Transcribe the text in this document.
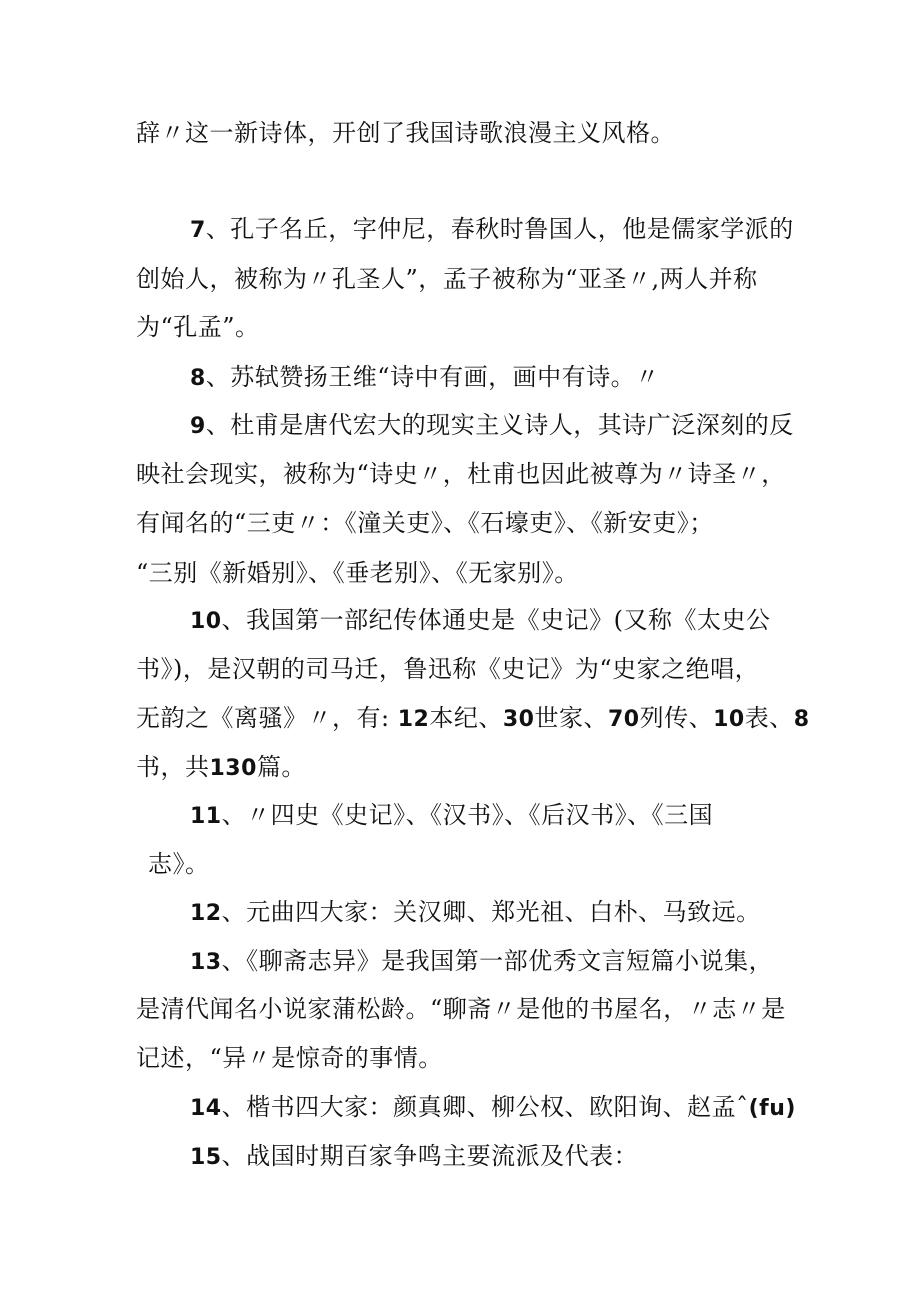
辞〃这一新诗体，开创了我国诗歌浪漫主义风格。
7、孔子名丘，字仲尼，春秋时鲁国人，他是儒家学派的
创始人，被称为〃孔圣人”，孟子被称为“亚圣〃,两人并称
为“孔孟”。
8、苏轼赞扬王维“诗中有画，画中有诗。〃
9、杜甫是唐代宏大的现实主义诗人，其诗广泛深刻的反
映社会现实，被称为“诗史〃，杜甫也因此被尊为〃诗圣〃，
有闻名的“三吏〃：《潼关吏》、《石壕吏》、《新安吏》；
“三别《新婚别》、《垂老别》、《无家别》。
10、我国第一部纪传体通史是《史记》(又称《太史公
书》)，是汉朝的司马迁，鲁迅称《史记》为“史家之绝唱，
无韵之《离骚》〃，有: 12本纪、30世家、70列传、10表、8
书，共130篇。
11、〃四史《史记》、《汉书》、《后汉书》、《三国
志》。
12、元曲四大家：关汉卿、郑光祖、白朴、马致远。
13、《聊斋志异》是我国第一部优秀文言短篇小说集，
是清代闻名小说家蒲松龄。“聊斋〃是他的书屋名，〃志〃是
记述，“异〃是惊奇的事情。
14、楷书四大家：颜真卿、柳公权、欧阳询、赵孟ˆ(fu)
15、战国时期百家争鸣主要流派及代表：
